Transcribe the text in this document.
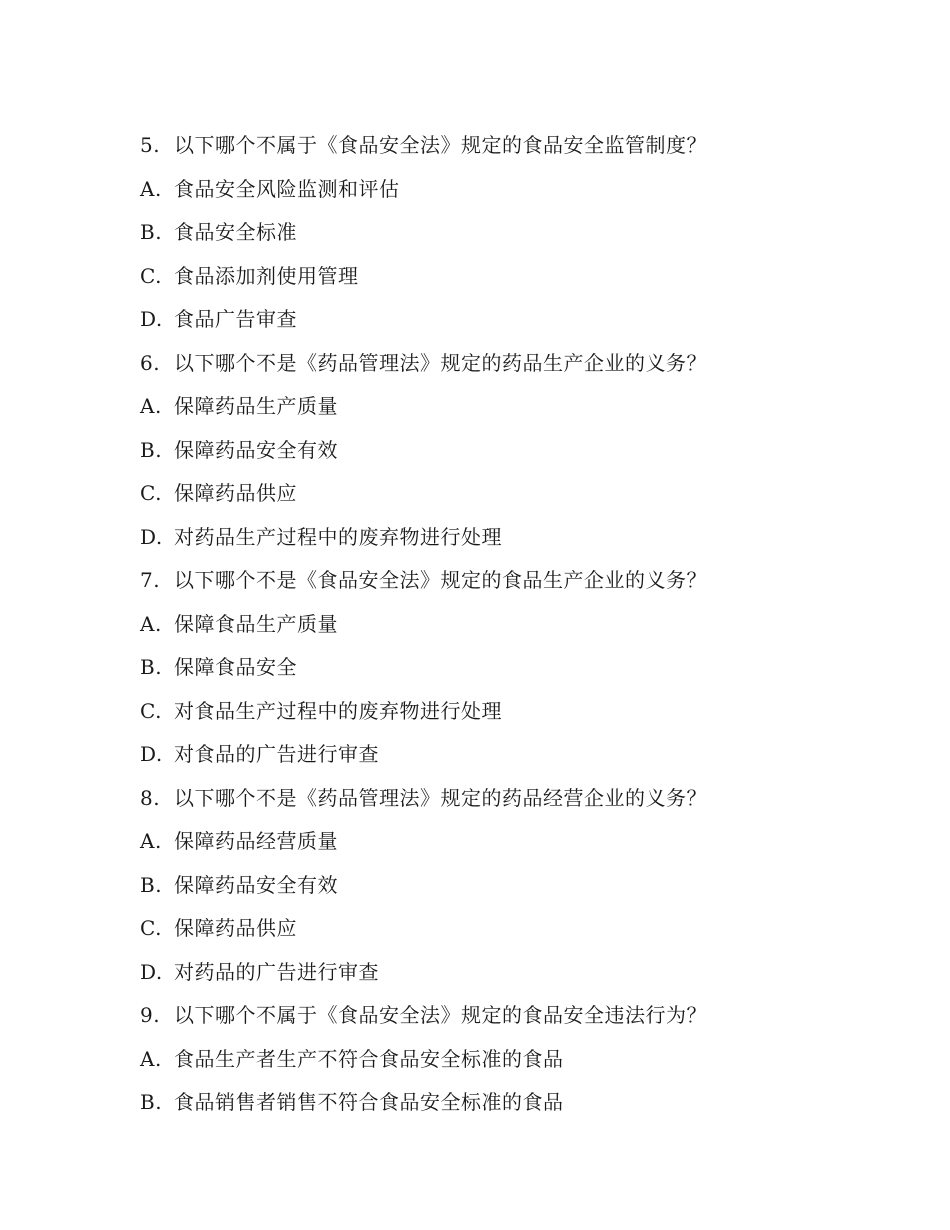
5. 以下哪个不属于《食品安全法》规定的食品安全监管制度？
A. 食品安全风险监测和评估
B. 食品安全标准
C. 食品添加剂使用管理
D. 食品广告审查
6. 以下哪个不是《药品管理法》规定的药品生产企业的义务？
A. 保障药品生产质量
B. 保障药品安全有效
C. 保障药品供应
D. 对药品生产过程中的废弃物进行处理
7. 以下哪个不是《食品安全法》规定的食品生产企业的义务？
A. 保障食品生产质量
B. 保障食品安全
C. 对食品生产过程中的废弃物进行处理
D. 对食品的广告进行审查
8. 以下哪个不是《药品管理法》规定的药品经营企业的义务？
A. 保障药品经营质量
B. 保障药品安全有效
C. 保障药品供应
D. 对药品的广告进行审查
9. 以下哪个不属于《食品安全法》规定的食品安全违法行为？
A. 食品生产者生产不符合食品安全标准的食品
B. 食品销售者销售不符合食品安全标准的食品
